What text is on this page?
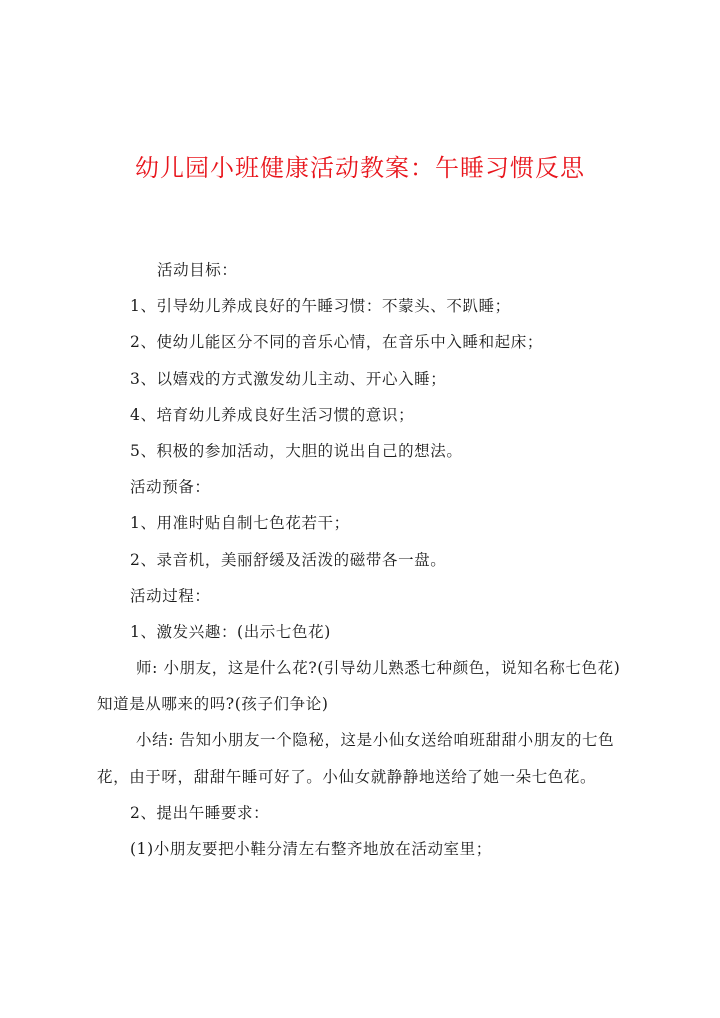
幼儿园小班健康活动教案：午睡习惯反思
活动目标：
1、引导幼儿养成良好的午睡习惯：不蒙头、不趴睡；
2、使幼儿能区分不同的音乐心情，在音乐中入睡和起床；
3、以嬉戏的方式激发幼儿主动、开心入睡；
4、培育幼儿养成良好生活习惯的意识；
5、积极的参加活动，大胆的说出自己的想法。
活动预备：
1、用准时贴自制七色花若干；
2、录音机，美丽舒缓及活泼的磁带各一盘。
活动过程：
1、激发兴趣：(出示七色花)
师: 小朋友，这是什么花?(引导幼儿熟悉七种颜色，说知名称七色花)
知道是从哪来的吗?(孩子们争论)
小结: 告知小朋友一个隐秘，这是小仙女送给咱班甜甜小朋友的七色
花，由于呀，甜甜午睡可好了。小仙女就静静地送给了她一朵七色花。
2、提出午睡要求：
(1)小朋友要把小鞋分清左右整齐地放在活动室里；
